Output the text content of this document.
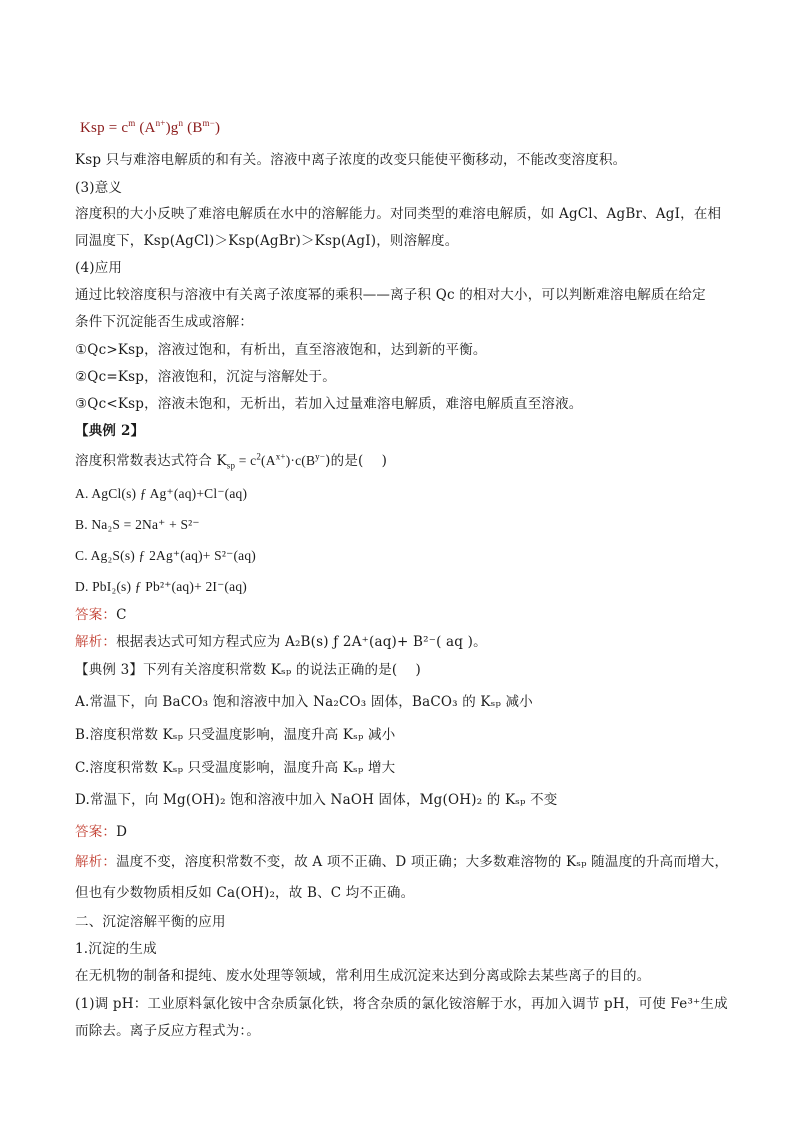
Ksp = $c^m$ $(A^{n+})g^n$ $(B^{m-})$
Ksp 只与难溶电解质的和有关。溶液中离子浓度的改变只能使平衡移动，不能改变溶度积。
(3)意义
溶度积的大小反映了难溶电解质在水中的溶解能力。对同类型的难溶电解质，如 AgCl、AgBr、AgI，在相
同温度下，Ksp(AgCl)＞Ksp(AgBr)＞Ksp(AgI)，则溶解度。
(4)应用
通过比较溶度积与溶液中有关离子浓度幂的乘积——离子积 Qc 的相对大小，可以判断难溶电解质在给定
条件下沉淀能否生成或溶解：
①Qc>Ksp，溶液过饱和，有析出，直至溶液饱和，达到新的平衡。
②Qc=Ksp，溶液饱和，沉淀与溶解处于。
③Qc<Ksp，溶液未饱和，无析出，若加入过量难溶电解质，难溶电解质直至溶液。
【典例 2】
溶度积常数表达式符合 $K_{sp} = c^2(A^{x+})\cdot c(B^{y-})$的是(　 )
A. AgCl(s) ƒ Ag⁺(aq)+Cl⁻(aq)
B. Na₂S = 2Na⁺ + S²⁻
C. Ag₂S(s) ƒ 2Ag⁺(aq)+ S²⁻(aq)
D. PbI₂(s) ƒ Pb²⁺(aq)+ 2I⁻(aq)
答案：C
解析：根据表达式可知方程式应为 A₂B(s) ƒ 2A⁺(aq)+ B²⁻( aq )。
【典例 3】下列有关溶度积常数 Kₛₚ 的说法正确的是(　 )
A.常温下，向 BaCO₃ 饱和溶液中加入 Na₂CO₃ 固体，BaCO₃ 的 Kₛₚ 减小
B.溶度积常数 Kₛₚ 只受温度影响，温度升高 Kₛₚ 减小
C.溶度积常数 Kₛₚ 只受温度影响，温度升高 Kₛₚ 增大
D.常温下，向 Mg(OH)₂ 饱和溶液中加入 NaOH 固体，Mg(OH)₂ 的 Kₛₚ 不变
答案：D
解析：温度不变，溶度积常数不变，故 A 项不正确、D 项正确；大多数难溶物的 Kₛₚ 随温度的升高而增大，
但也有少数物质相反如 Ca(OH)₂，故 B、C 均不正确。
二、沉淀溶解平衡的应用
1.沉淀的生成
在无机物的制备和提纯、废水处理等领域，常利用生成沉淀来达到分离或除去某些离子的目的。
(1)调 pH：工业原料氯化铵中含杂质氯化铁，将含杂质的氯化铵溶解于水，再加入调节 pH，可使 Fe³⁺生成
而除去。离子反应方程式为：。
